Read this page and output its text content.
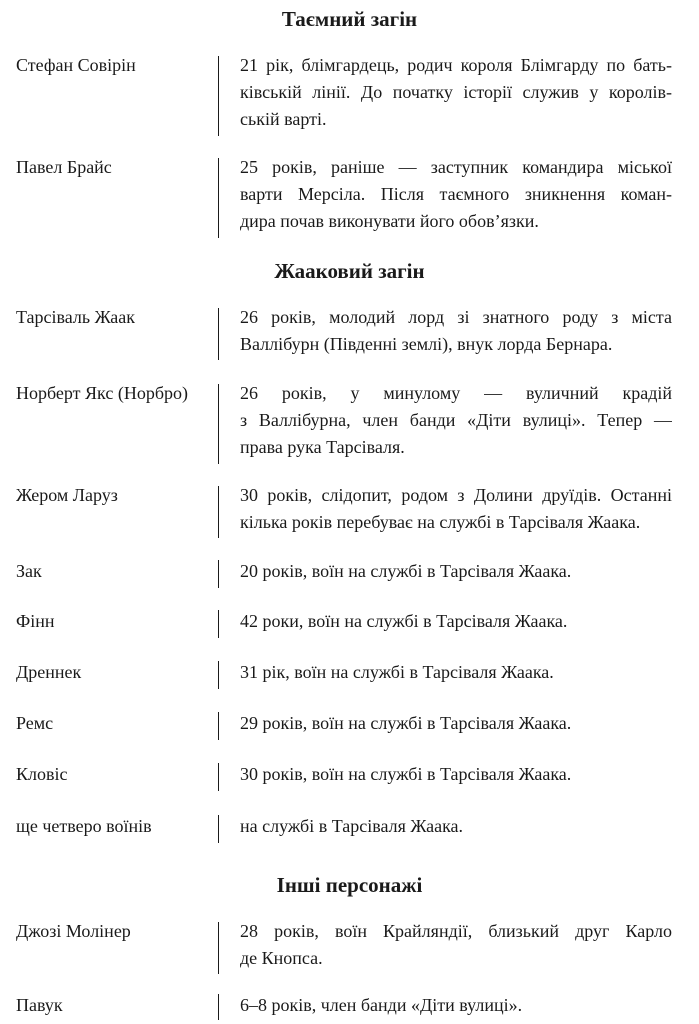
Таємний загін
Стефан Совірін	21 рік, блімгардець, родич короля Блімгарду по бать-
ківській лінії. До початку історії служив у королів-
ській варті.
Павел Брайс	25 років, раніше — заступник командира міської
варти Мерсіла. Після таємного зникнення коман-
дира почав виконувати його обов’язки.
Жааковий загін
Тарсіваль Жаак	26 років, молодий лорд зі знатного роду з міста
Валлібурн (Південні землі), внук лорда Бернара.
Норберт Якс (Норбро)	26 років, у минулому — вуличний крадій
з Валлібурна, член банди «Діти вулиці». Тепер —
права рука Тарсіваля.
Жером Ларуз	30 років, слідопит, родом з Долини друїдів. Останні
кілька років перебуває на службі в Тарсіваля Жаака.
Зак	20 років, воїн на службі в Тарсіваля Жаака.
Фінн	42 роки, воїн на службі в Тарсіваля Жаака.
Дреннек	31 рік, воїн на службі в Тарсіваля Жаака.
Ремс	29 років, воїн на службі в Тарсіваля Жаака.
Кловіс	30 років, воїн на службі в Тарсіваля Жаака.
ще четверо воїнів	на службі в Тарсіваля Жаака.
Інші персонажі
Джозі Молінер	28 років, воїн Крайляндії, близький друг Карло
де Кнопса.
Павук	6–8 років, член банди «Діти вулиці».
